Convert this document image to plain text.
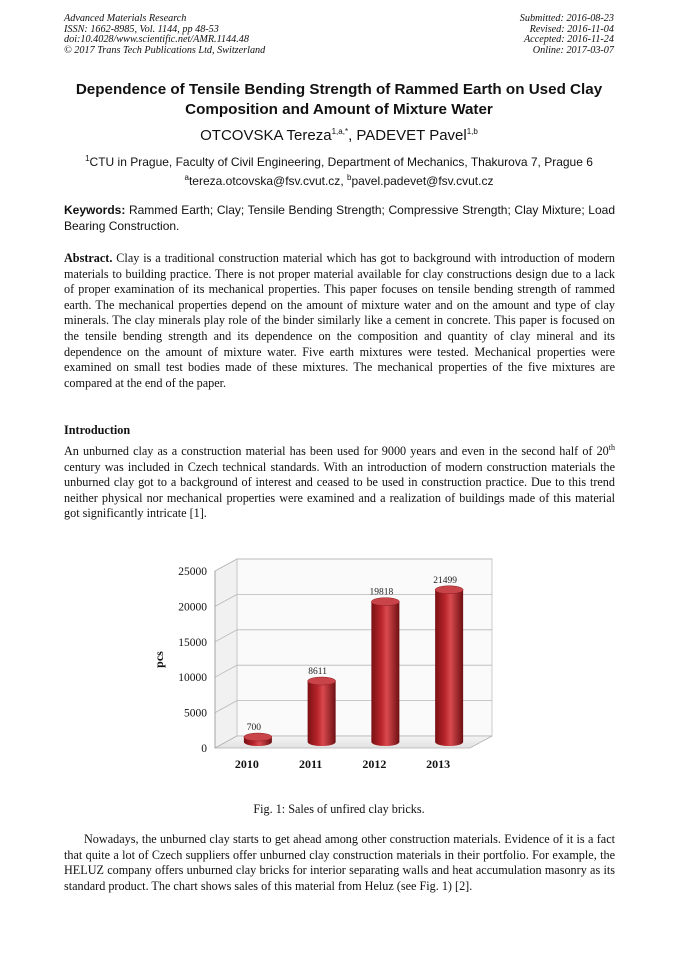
Advanced Materials Research
ISSN: 1662-8985, Vol. 1144, pp 48-53
doi:10.4028/www.scientific.net/AMR.1144.48
© 2017 Trans Tech Publications Ltd, Switzerland
Submitted: 2016-08-23
Revised: 2016-11-04
Accepted: 2016-11-24
Online: 2017-03-07
Dependence of Tensile Bending Strength of Rammed Earth on Used Clay Composition and Amount of Mixture Water
OTCOVSKA Tereza$^{1,a,*}$, PADEVET Pavel$^{1,b}$
$^1$CTU in Prague, Faculty of Civil Engineering, Department of Mechanics, Thakurova 7, Prague 6
$^a$tereza.otcovska@fsv.cvut.cz, $^b$pavel.padevet@fsv.cvut.cz
Keywords: Rammed Earth; Clay; Tensile Bending Strength; Compressive Strength; Clay Mixture; Load Bearing Construction.
Abstract. Clay is a traditional construction material which has got to background with introduction of modern materials to building practice. There is not proper material available for clay constructions design due to a lack of proper examination of its mechanical properties. This paper focuses on tensile bending strength of rammed earth. The mechanical properties depend on the amount of mixture water and on the amount and type of clay minerals. The clay minerals play role of the binder similarly like a cement in concrete. This paper is focused on the tensile bending strength and its dependence on the composition and quantity of clay mineral and its dependence on the amount of mixture water. Five earth mixtures were tested. Mechanical properties were examined on small test bodies made of these mixtures. The mechanical properties of the five mixtures are compared at the end of the paper.
Introduction
An unburned clay as a construction material has been used for 9000 years and even in the second half of 20th century was included in Czech technical standards. With an introduction of modern construction materials the unburned clay got to a background of interest and ceased to be used in construction practice. Due to this trend neither physical nor mechanical properties were examined and a realization of buildings made of this material got significantly intricate [1].
0
5000
10000
15000
20000
25000
pcs
700
2010
8611
2011
19818
2012
21499
2013
Fig. 1: Sales of unfired clay bricks.
Nowadays, the unburned clay starts to get ahead among other construction materials. Evidence of it is a fact that quite a lot of Czech suppliers offer unburned clay construction materials in their portfolio. For example, the HELUZ company offers unburned clay bricks for interior separating walls and heat accumulation masonry as its standard product. The chart shows sales of this material from Heluz (see Fig. 1) [2].
